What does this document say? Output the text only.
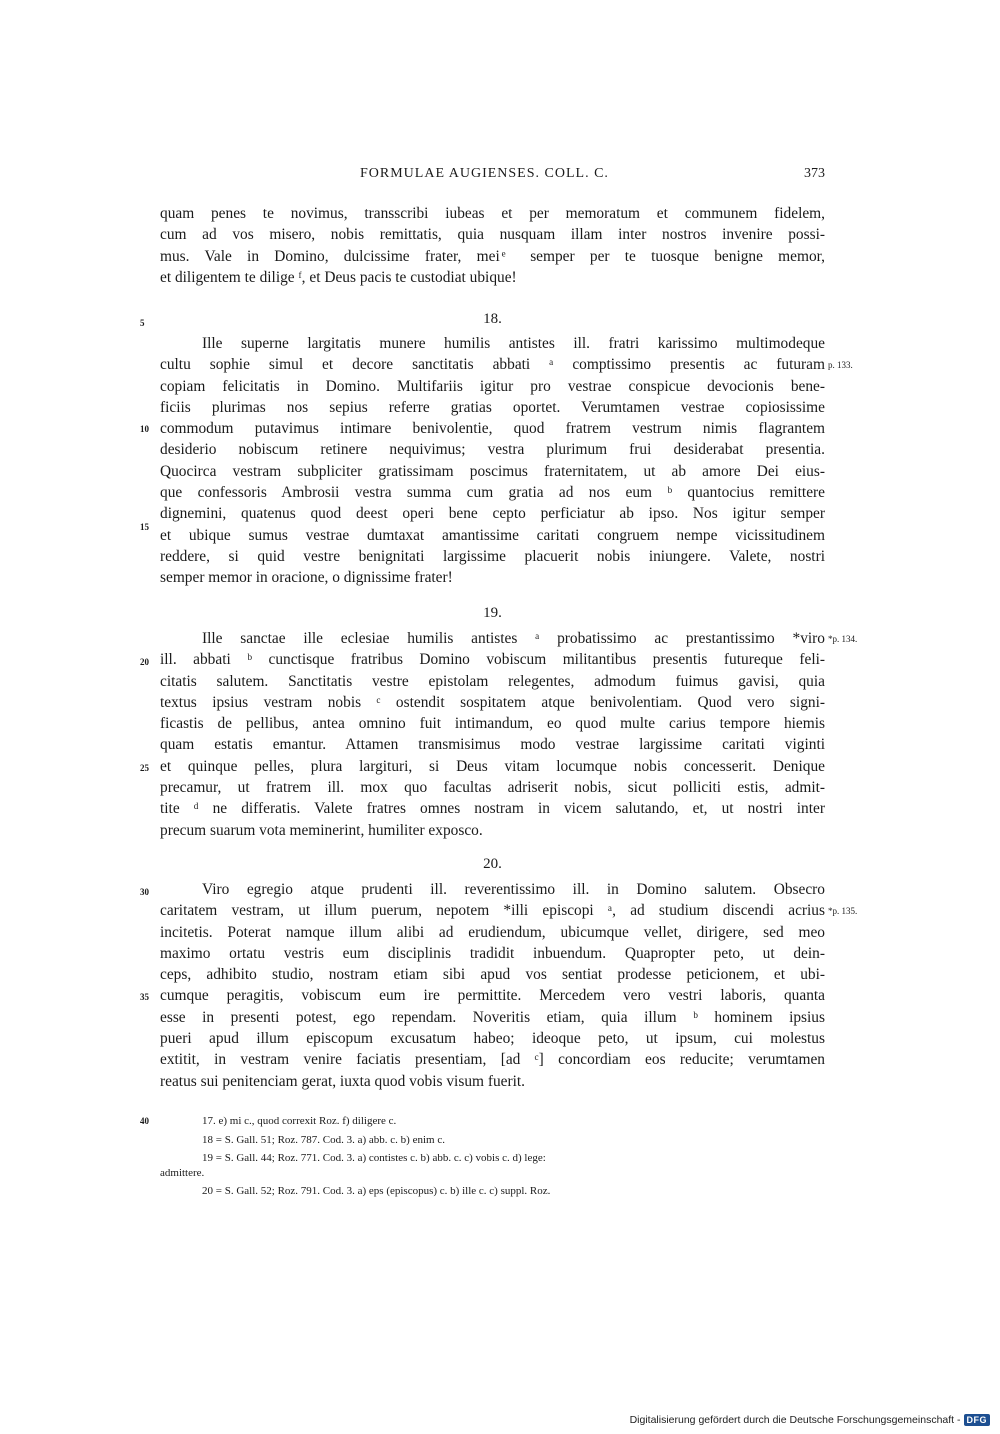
FORMULAE AUGIENSES. COLL. C.	373
quam penes te novimus, transscribi iubeas et per memoratum et communem fidelem,
cum ad vos misero, nobis remittatis, quia nusquam illam inter nostros invenire possi-
mus. Vale in Domino, dulcissime frater, mei ͤ semper per te tuosque benigne memor,
et diligentem te dilige ᶠ, et Deus pacis te custodiat ubique!
18.
Ille superne largitatis munere humilis antistes ill. fratri karissimo multimodeque
cultu sophie simul et decore sanctitatis abbati ᵃ comptissimo presentis ac futuram
copiam felicitatis in Domino. Multifariis igitur pro vestrae conspicue devocionis bene-
ficiis plurimas nos sepius referre gratias oportet. Verumtamen vestrae copiosissime
commodum putavimus intimare benivolentie, quod fratrem vestrum nimis flagrantem
desiderio nobiscum retinere nequivimus; vestra plurimum frui desiderabat presentia.
Quocirca vestram subpliciter gratissimam poscimus fraternitatem, ut ab amore Dei eius-
que confessoris Ambrosii vestra summa cum gratia ad nos eum ᵇ quantocius remittere
dignemini, quatenus quod deest operi bene cepto perficiatur ab ipso. Nos igitur semper
et ubique sumus vestrae dumtaxat amantissime caritati congruem nempe vicissitudinem
reddere, si quid vestre benignitati largissime placuerit nobis iniungere. Valete, nostri
semper memor in oracione, o dignissime frater!
19.
Ille sanctae ille eclesiae humilis antistes ᵃ probatissimo ac prestantissimo *viro
ill. abbati ᵇ cunctisque fratribus Domino vobiscum militantibus presentis futureque feli-
citatis salutem. Sanctitatis vestre epistolam relegentes, admodum fuimus gavisi, quia
textus ipsius vestram nobis ᶜ ostendit sospitatem atque benivolentiam. Quod vero signi-
ficastis de pellibus, antea omnino fuit intimandum, eo quod multe carius tempore hiemis
quam estatis emantur. Attamen transmisimus modo vestrae largissime caritati viginti
et quinque pelles, plura largituri, si Deus vitam locumque nobis concesserit. Denique
precamur, ut fratrem ill. mox quo facultas adriserit nobis, sicut polliciti estis, admit-
tite ᵈ ne differatis. Valete fratres omnes nostram in vicem salutando, et, ut nostri inter
precum suarum vota meminerint, humiliter exposco.
20.
Viro egregio atque prudenti ill. reverentissimo ill. in Domino salutem. Obsecro
caritatem vestram, ut illum puerum, nepotem *illi episcopi ᵃ, ad studium discendi acrius
incitetis. Poterat namque illum alibi ad erudiendum, ubicumque vellet, dirigere, sed meo
maximo ortatu vestris eum disciplinis tradidit inbuendum. Quapropter peto, ut dein-
ceps, adhibito studio, nostram etiam sibi apud vos sentiat prodesse peticionem, et ubi-
cumque peragitis, vobiscum eum ire permittite. Mercedem vero vestri laboris, quanta
esse in presenti potest, ego rependam. Noveritis etiam, quia illum ᵇ hominem ipsius
pueri apud illum episcopum excusatum habeo; ideoque peto, ut ipsum, cui molestus
extitit, in vestram venire faciatis presentiam, [ad ᶜ] concordiam eos reducite; verumtamen
reatus sui penitenciam gerat, iuxta quod vobis visum fuerit.
5
10
15
20
25
30
35
40
p. 133.
*p. 134.
*p. 135.
17. e) mi c., quod correxit Roz. f) diligere c.
18 = S. Gall. 51; Roz. 787. Cod. 3. a) abb. c. b) enim c.
19 = S. Gall. 44; Roz. 771. Cod. 3. a) contistes c. b) abb. c. c) vobis c. d) lege:
admittere.
20 = S. Gall. 52; Roz. 791. Cod. 3. a) eps (episcopus) c. b) ille c. c) suppl. Roz.
Digitalisierung gefördert durch die Deutsche Forschungsgemeinschaft - DFG
